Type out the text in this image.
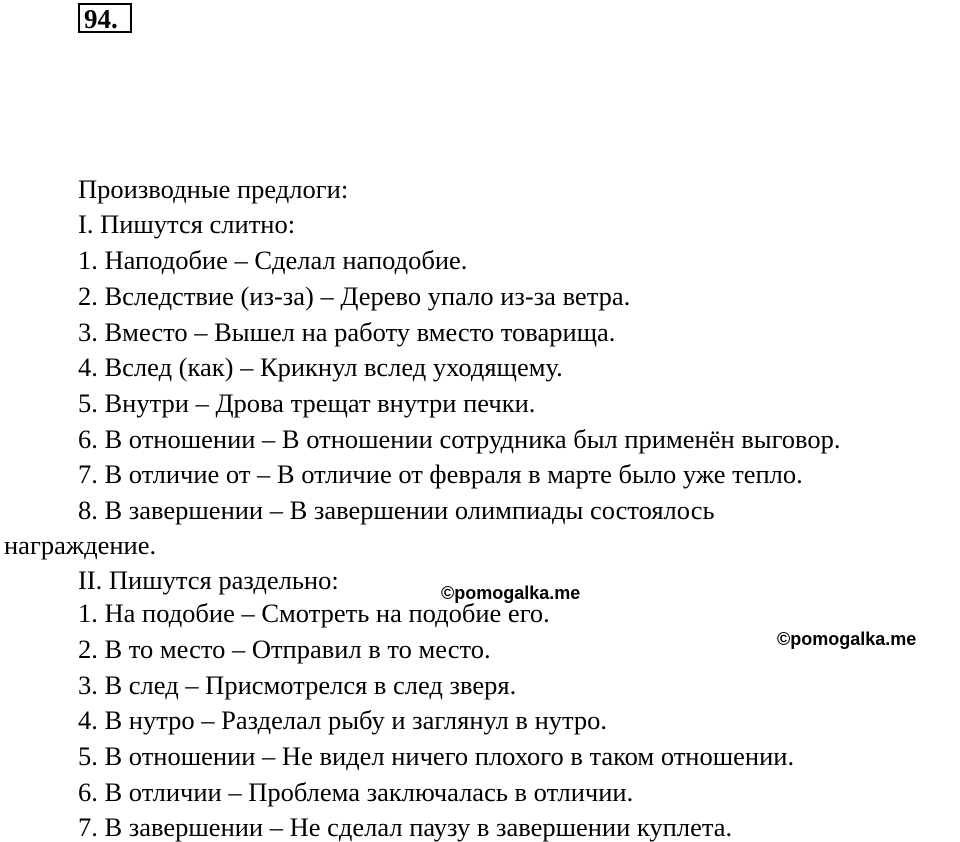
94.
Производные предлоги:
I. Пишутся слитно:
1. Наподобие – Сделал наподобие.
2. Вследствие (из-за) – Дерево упало из-за ветра.
3. Вместо – Вышел на работу вместо товарища.
4. Вслед (как) – Крикнул вслед уходящему.
5. Внутри – Дрова трещат внутри печки.
6. В отношении – В отношении сотрудника был применён выговор.
7. В отличие от – В отличие от февраля в марте было уже тепло.
8. В завершении – В завершении олимпиады состоялось
награждение.
II. Пишутся раздельно:
1. На подобие – Смотреть на подобие его.
2. В то место – Отправил в то место.
3. В след – Присмотрелся в след зверя.
4. В нутро – Разделал рыбу и заглянул в нутро.
5. В отношении – Не видел ничего плохого в таком отношении.
6. В отличии – Проблема заключалась в отличии.
7. В завершении – Не сделал паузу в завершении куплета.
©pomogalka.me
©pomogalka.me
